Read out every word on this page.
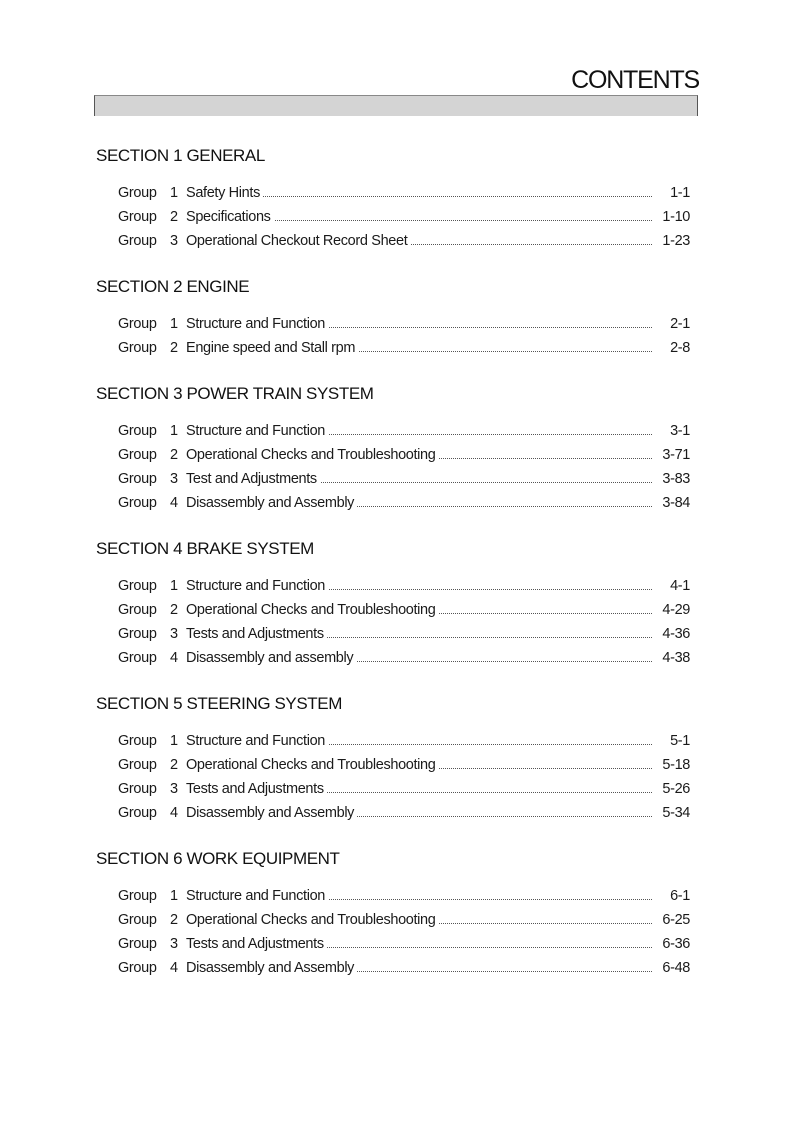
CONTENTS
SECTION 1 GENERAL
Group 1 Safety Hints	1-1
Group 2 Specifications	1-10
Group 3 Operational Checkout Record Sheet	1-23
SECTION 2 ENGINE
Group 1 Structure and Function	2-1
Group 2 Engine speed and Stall rpm	2-8
SECTION 3 POWER TRAIN SYSTEM
Group 1 Structure and Function	3-1
Group 2 Operational Checks and Troubleshooting	3-71
Group 3 Test and Adjustments	3-83
Group 4 Disassembly and Assembly	3-84
SECTION 4 BRAKE SYSTEM
Group 1 Structure and Function	4-1
Group 2 Operational Checks and Troubleshooting	4-29
Group 3 Tests and Adjustments	4-36
Group 4 Disassembly and assembly	4-38
SECTION 5 STEERING SYSTEM
Group 1 Structure and Function	5-1
Group 2 Operational Checks and Troubleshooting	5-18
Group 3 Tests and Adjustments	5-26
Group 4 Disassembly and Assembly	5-34
SECTION 6 WORK EQUIPMENT
Group 1 Structure and Function	6-1
Group 2 Operational Checks and Troubleshooting	6-25
Group 3 Tests and Adjustments	6-36
Group 4 Disassembly and Assembly	6-48
